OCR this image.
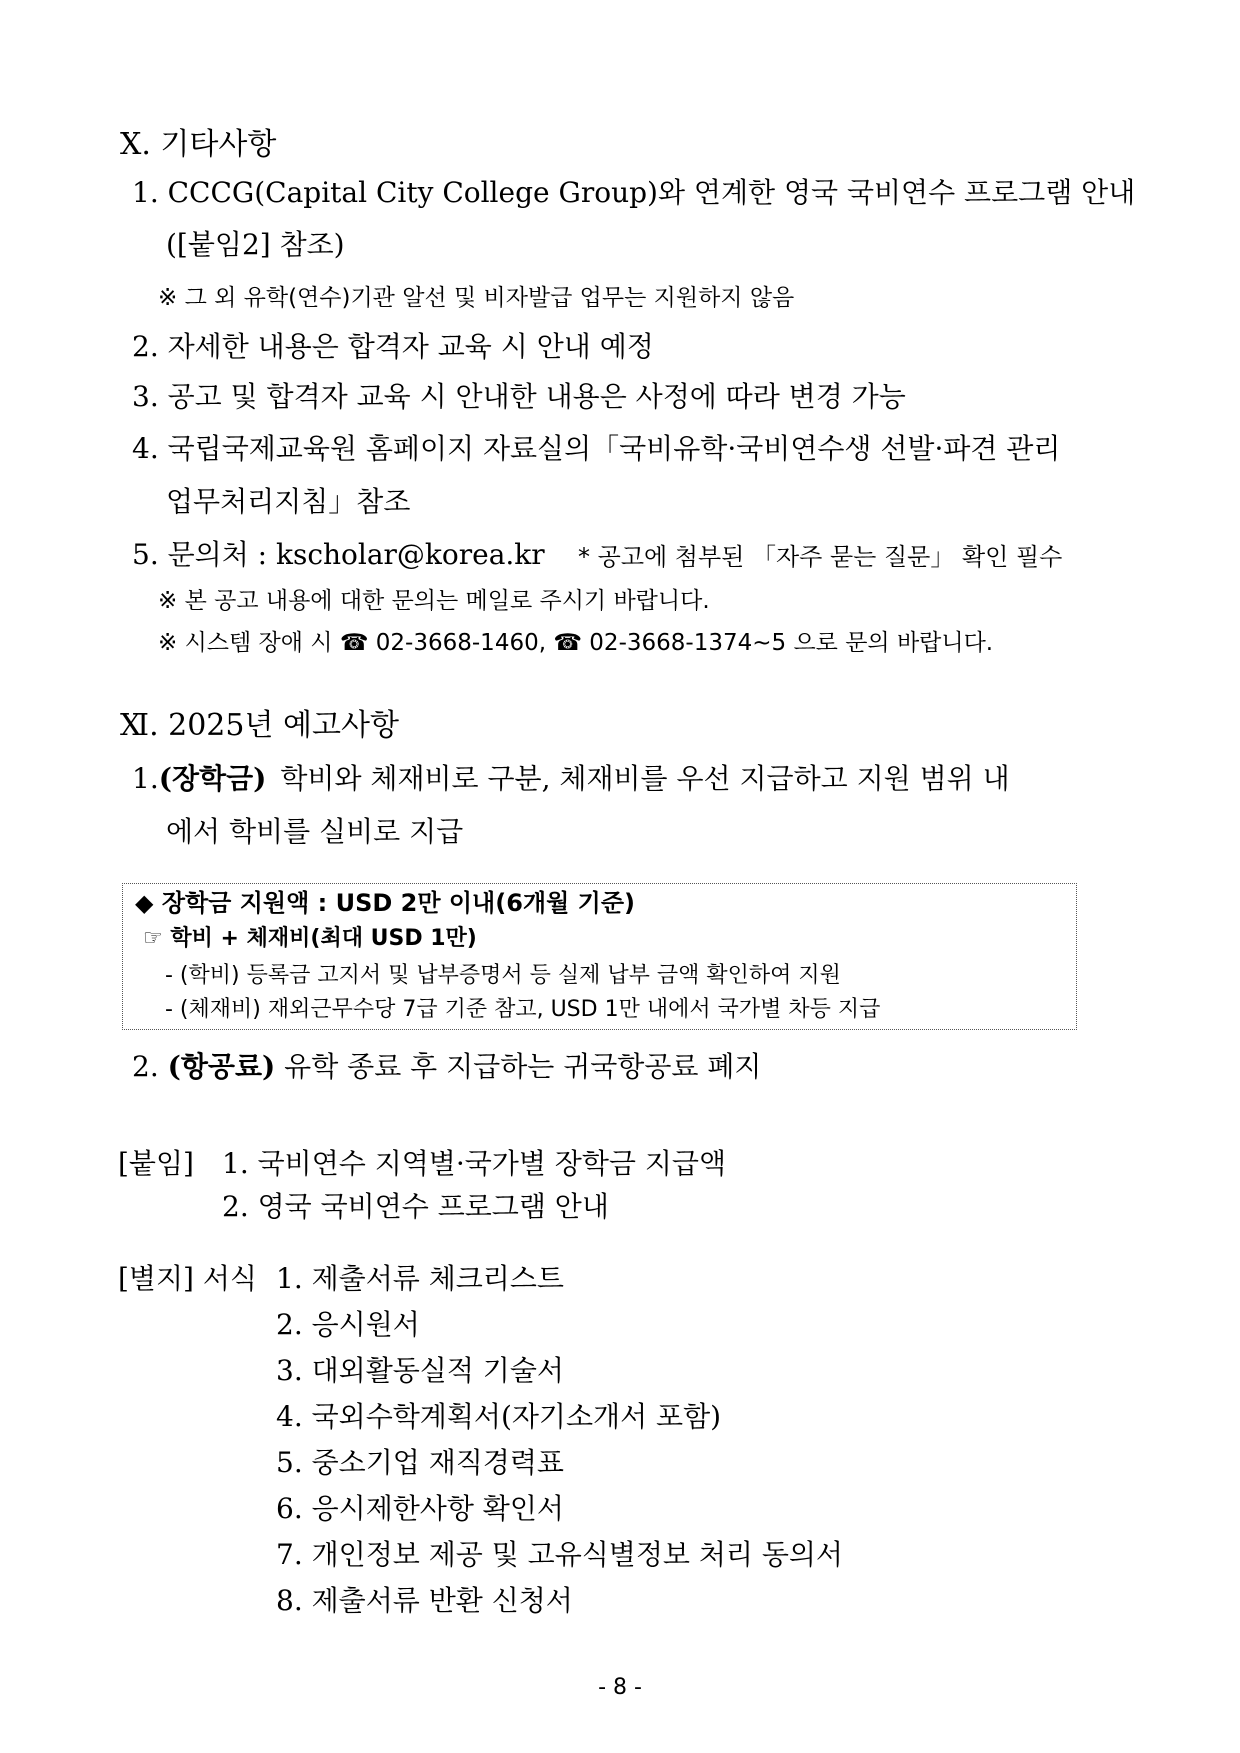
Ⅹ. 기타사항
1. CCCG(Capital City College Group)와 연계한 영국 국비연수 프로그램 안내
([붙임2] 참조)
※ 그 외 유학(연수)기관 알선 및 비자발급 업무는 지원하지 않음
2. 자세한 내용은 합격자 교육 시 안내 예정
3. 공고 및 합격자 교육 시 안내한 내용은 사정에 따라 변경 가능
4. 국립국제교육원 홈페이지 자료실의「국비유학·국비연수생 선발·파견 관리
업무처리지침」참조
5. 문의처 : kscholar@korea.kr * 공고에 첨부된 「자주 묻는 질문」 확인 필수
※ 본 공고 내용에 대한 문의는 메일로 주시기 바랍니다.
※ 시스템 장애 시 ☎ 02-3668-1460, ☎ 02-3668-1374~5 으로 문의 바랍니다.
Ⅺ. 2025년 예고사항
1. (장학금) 학비와 체재비로 구분, 체재비를 우선 지급하고 지원 범위 내
에서 학비를 실비로 지급
◆ 장학금 지원액 : USD 2만 이내(6개월 기준)
☞ 학비 + 체재비(최대 USD 1만)
- (학비) 등록금 고지서 및 납부증명서 등 실제 납부 금액 확인하여 지원
- (체재비) 재외근무수당 7급 기준 참고, USD 1만 내에서 국가별 차등 지급
2. (항공료) 유학 종료 후 지급하는 귀국항공료 폐지
[붙임] 1. 국비연수 지역별·국가별 장학금 지급액
2. 영국 국비연수 프로그램 안내
[별지] 서식 1. 제출서류 체크리스트
2. 응시원서
3. 대외활동실적 기술서
4. 국외수학계획서(자기소개서 포함)
5. 중소기업 재직경력표
6. 응시제한사항 확인서
7. 개인정보 제공 및 고유식별정보 처리 동의서
8. 제출서류 반환 신청서
- 8 -
